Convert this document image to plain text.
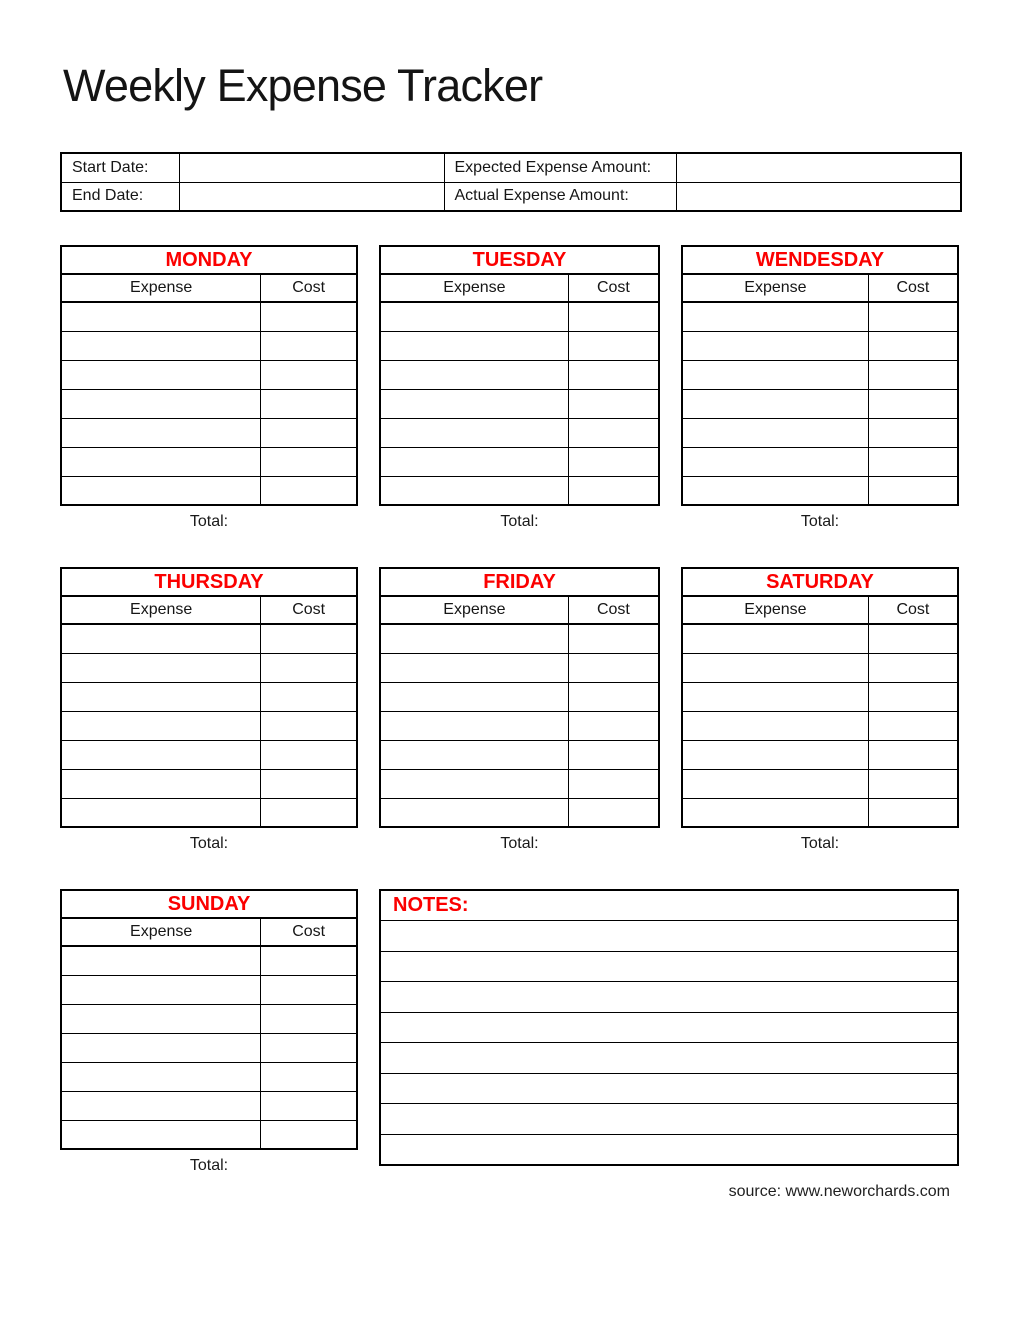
Weekly Expense Tracker
Start Date:		Expected Expense Amount:	
End Date:		Actual Expense Amount:	
MONDAY	
Expense	Cost

Total:
TUESDAY	
Expense	Cost

Total:
WENDESDAY	
Expense	Cost

Total:
THURSDAY	
Expense	Cost

Total:
FRIDAY	
Expense	Cost

Total:
SATURDAY	
Expense	Cost

Total:
SUNDAY	
Expense	Cost

Total:
NOTES:
source: www.neworchards.com
